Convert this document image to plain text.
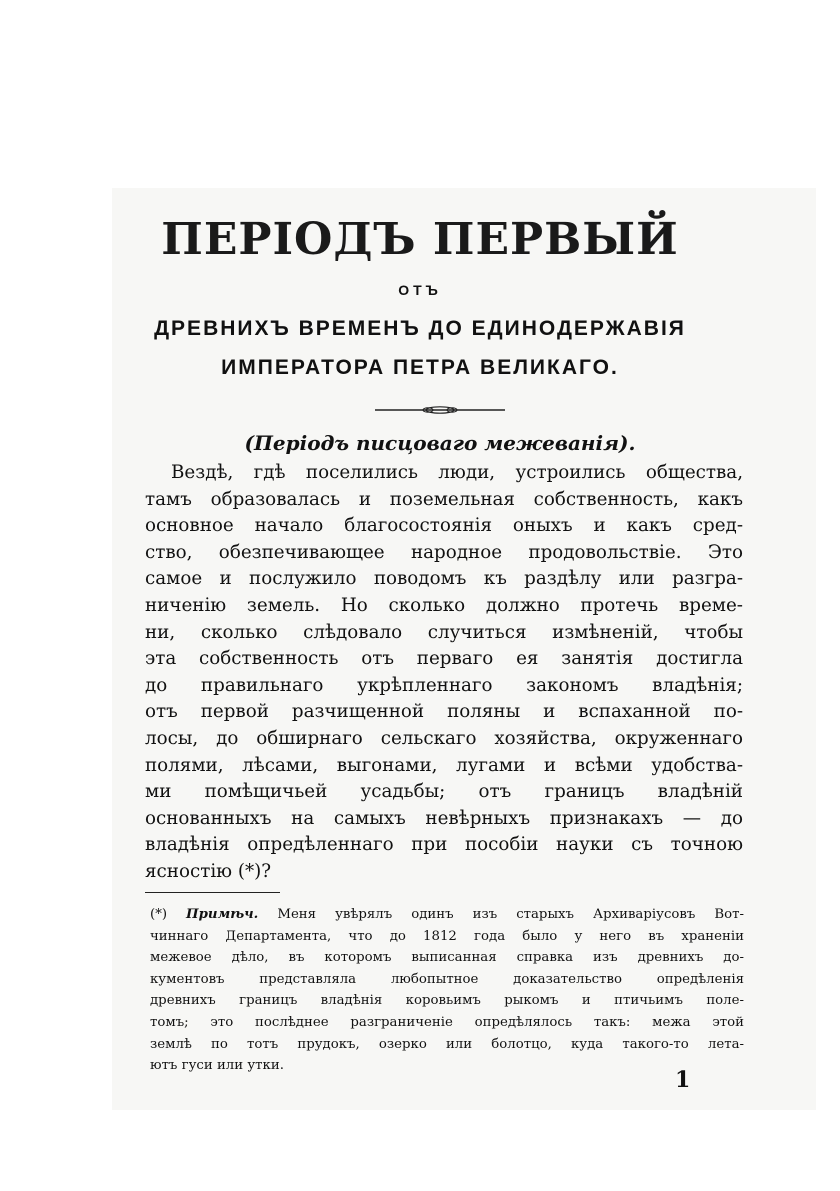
ПЕРІОДЪ ПЕРВЫЙ
ОТЪ
ДРЕВНИХЪ ВРЕМЕНЪ ДО ЕДИНОДЕРЖАВІЯ
ИМПЕРАТОРА ПЕТРА ВЕЛИКАГО.
(Періодъ писцоваго межеванія).
Вездѣ, гдѣ поселились люди, устроились общества,
тамъ образовалась и поземельная собственность, какъ
основное начало благосостоянія оныхъ и какъ сред-
ство, обезпечивающее народное продовольствіе. Это
самое и послужило поводомъ къ раздѣлу или разгра-
ниченію земель. Но сколько должно протечь време-
ни, сколько слѣдовало случиться измѣненій, чтобы
эта собственность отъ перваго ея занятія достигла
до правильнаго укрѣпленнаго закономъ владѣнія;
отъ первой разчищенной поляны и вспаханной по-
лосы, до обширнаго сельскаго хозяйства, окруженнаго
полями, лѣсами, выгонами, лугами и всѣми удобства-
ми помѣщичьей усадьбы; отъ границъ владѣній
основанныхъ на самыхъ невѣрныхъ признакахъ — до
владѣнія опредѣленнаго при пособіи науки съ точною
ясностію (*)?
(*) Примѣч. Меня увѣрялъ одинъ изъ старыхъ Архиваріусовъ Вот-
чиннаго Департамента, что до 1812 года было у него въ храненіи
межевое дѣло, въ которомъ выписанная справка изъ древнихъ до-
кументовъ представляла любопытное доказательство опредѣленія
древнихъ границъ владѣнія коровьимъ рыкомъ и птичьимъ поле-
томъ; это послѣднее разграниченіе опредѣлялось такъ: межа этой
землѣ по тотъ прудокъ, озерко или болотцо, куда такого-то лета-
ютъ гуси или утки.
1
